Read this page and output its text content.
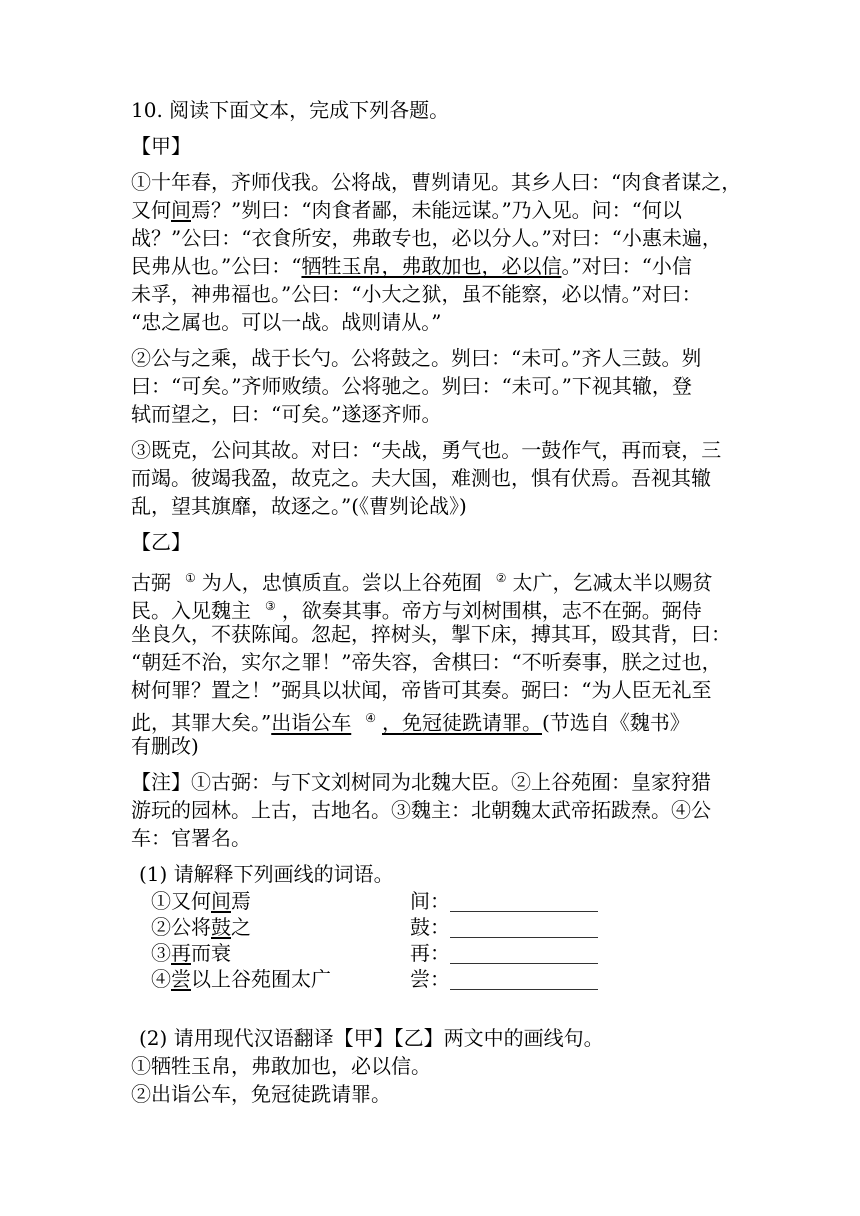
10. 阅读下面文本，完成下列各题。

【甲】

①十年春，齐师伐我。公将战，曹刿请见。其乡人曰：“肉食者谋之，

又何间焉？”刿曰：“肉食者鄙，未能远谋。”乃入见。问：“何以

战？”公曰：“衣食所安，弗敢专也，必以分人。”对曰：“小惠未遍，

民弗从也。”公曰：“牺牲玉帛，弗敢加也，必以信。”对曰：“小信

未孚，神弗福也。”公曰：“小大之狱，虽不能察，必以情。”对曰：

“忠之属也。可以一战。战则请从。”

②公与之乘，战于长勺。公将鼓之。刿曰：“未可。”齐人三鼓。刿

曰：“可矣。”齐师败绩。公将驰之。刿曰：“未可。”下视其辙，登

轼而望之，曰：“可矣。”遂逐齐师。

③既克，公问其故。对曰：“夫战，勇气也。一鼓作气，再而衰，三

而竭。彼竭我盈，故克之。夫大国，难测也，惧有伏焉。吾视其辙

乱，望其旗靡，故逐之。”(《曹刿论战》)

【乙】

古弼 ① 为人，忠慎质直。尝以上谷苑囿 ② 太广，乞减太半以赐贫

民。入见魏主 ③ ，欲奏其事。帝方与刘树围棋，志不在弼。弼侍

坐良久，不获陈闻。忽起，捽树头，掣下床，搏其耳，殴其背，曰：

“朝廷不治，实尔之罪！”帝失容，舍棋曰：“不听奏事，朕之过也，

树何罪？置之！”弼具以状闻，帝皆可其奏。弼曰：“为人臣无礼至

此，其罪大矣。”出诣公车 ④ ，免冠徒跣请罪。(节选自《魏书》

有删改)

【注】①古弼：与下文刘树同为北魏大臣。②上谷苑囿：皇家狩猎

游玩的园林。上古，古地名。③魏主：北朝魏太武帝拓跋焘。④公

车：官署名。

(1) 请解释下列画线的词语。

①又何间焉	间：
②公将鼓之	鼓：
③再而衰	再：
④尝以上谷苑囿太广	尝：

(2) 请用现代汉语翻译【甲】【乙】两文中的画线句。

①牺牲玉帛，弗敢加也，必以信。

②出诣公车，免冠徒跣请罪。
